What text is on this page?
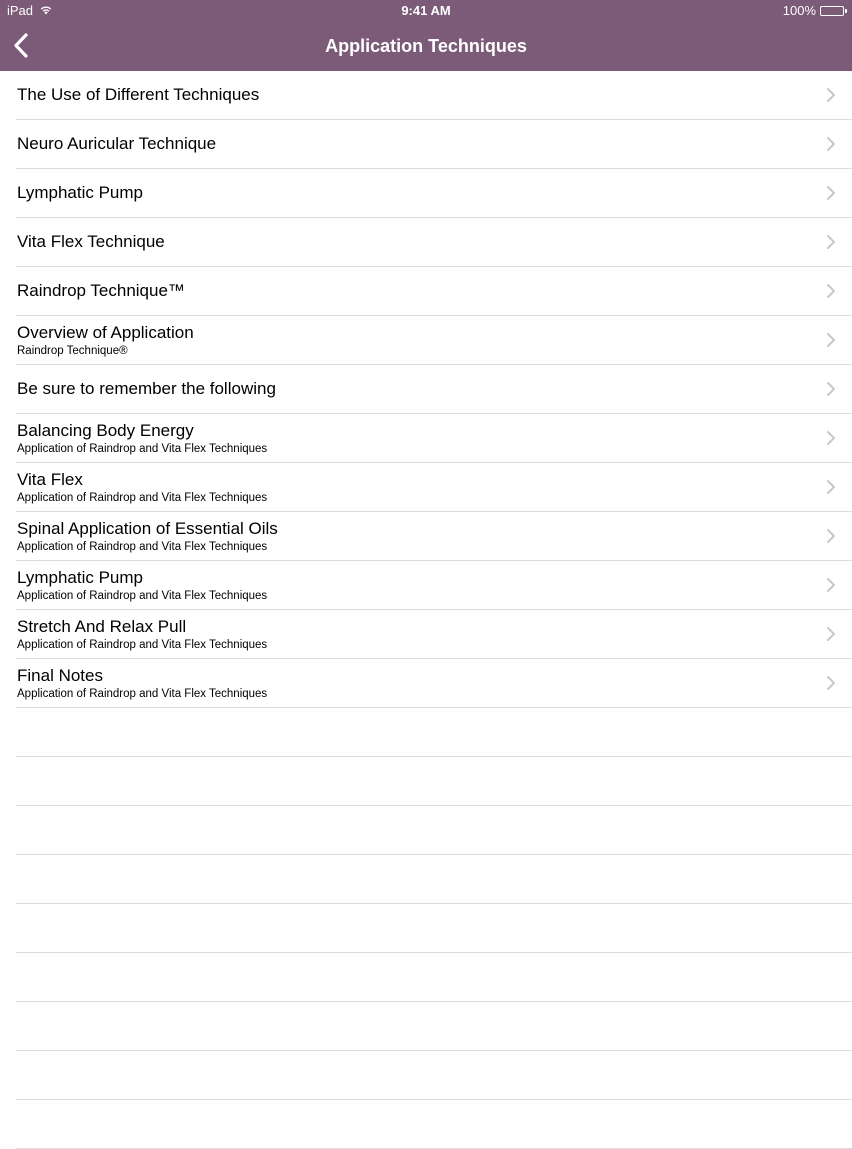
iPad	9:41 AM	100%
Application Techniques
The Use of Different Techniques
Neuro Auricular Technique
Lymphatic Pump
Vita Flex Technique
Raindrop Technique™
Overview of Application
Raindrop Technique®
Be sure to remember the following
Balancing Body Energy
Application of Raindrop and Vita Flex Techniques
Vita Flex
Application of Raindrop and Vita Flex Techniques
Spinal Application of Essential Oils
Application of Raindrop and Vita Flex Techniques
Lymphatic Pump
Application of Raindrop and Vita Flex Techniques
Stretch And Relax Pull
Application of Raindrop and Vita Flex Techniques
Final Notes
Application of Raindrop and Vita Flex Techniques
